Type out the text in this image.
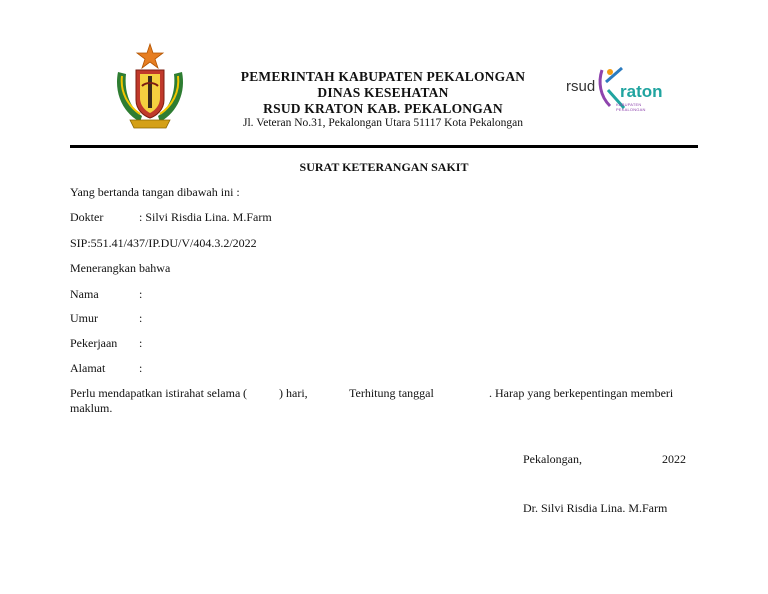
PEMERINTAH KABUPATEN PEKALONGAN
DINAS KESEHATAN
RSUD KRATON KAB. PEKALONGAN
Jl. Veteran No.31, Pekalongan Utara 51117 Kota Pekalongan
rsud raton
KABUPATEN PEKALONGAN
SURAT KETERANGAN SAKIT
Yang bertanda tangan dibawah ini :
Dokter	: Silvi Risdia Lina. M.Farm
SIP:551.41/437/IP.DU/V/404.3.2/2022
Menerangkan bahwa
Nama	:
Umur	:
Pekerjaan :
Alamat	:
Perlu mendapatkan istirahat selama (	) hari,	Terhitung tanggal	. Harap yang berkepentingan memberi
maklum.
Pekalongan,	2022
Dr. Silvi Risdia Lina. M.Farm
